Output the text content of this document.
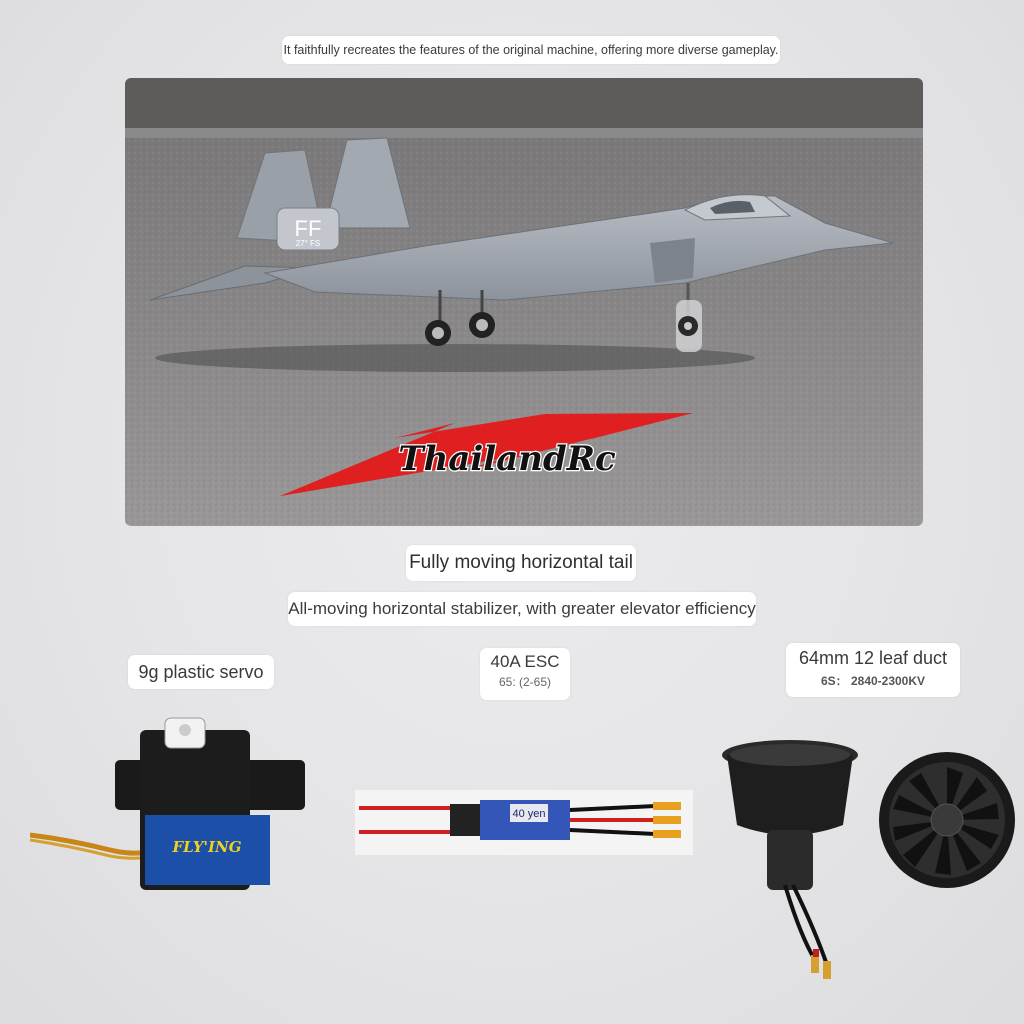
It faithfully recreates the features of the original machine, offering more diverse gameplay.
FF
27° FS
ThailandRc
Fully moving horizontal tail
All-moving horizontal stabilizer, with greater elevator efficiency
9g plastic servo
40A ESC
65: (2-65)
64mm 12 leaf duct
6S： 2840-2300KV
FLY'ING
40 yen
